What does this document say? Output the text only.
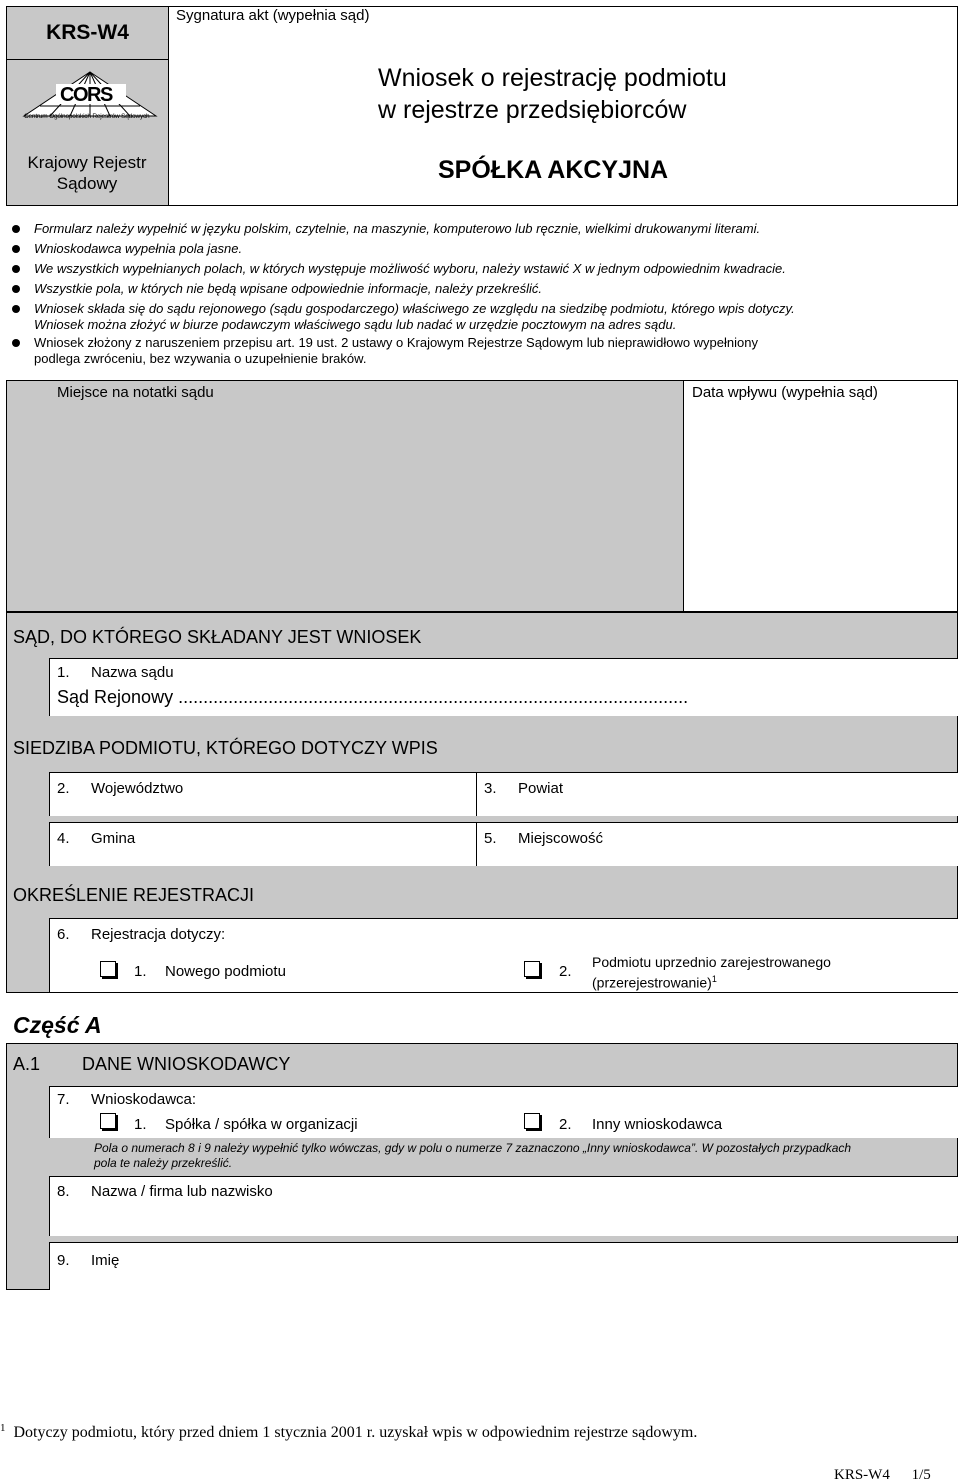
KRS-W4
CORS
Centrum Ogólnopolskich Rejestrów Sądowych
Krajowy Rejestr
Sądowy
Sygnatura akt (wypełnia sąd)
Wniosek o rejestrację podmiotu
w rejestrze przedsiębiorców
SPÓŁKA AKCYJNA
Formularz należy wypełnić w języku polskim, czytelnie, na maszynie, komputerowo lub ręcznie, wielkimi drukowanymi literami.
Wnioskodawca wypełnia pola jasne.
We wszystkich wypełnianych polach, w których występuje możliwość wyboru, należy wstawić X w jednym odpowiednim kwadracie.
Wszystkie pola, w których nie będą wpisane odpowiednie informacje, należy przekreślić.
Wniosek składa się do sądu rejonowego (sądu gospodarczego) właściwego ze względu na siedzibę podmiotu, którego wpis dotyczy.
Wniosek można złożyć w biurze podawczym właściwego sądu lub nadać w urzędzie pocztowym na adres sądu.
Wniosek złożony z naruszeniem przepisu art. 19 ust. 2 ustawy o Krajowym Rejestrze Sądowym lub nieprawidłowo wypełniony
podlega zwróceniu, bez wzywania o uzupełnienie braków.
Miejsce na notatki sądu	Data wpływu (wypełnia sąd)
SĄD, DO KTÓREGO SKŁADANY JEST WNIOSEK
1. Nazwa sądu
Sąd Rejonowy ......................................................................................................
SIEDZIBA PODMIOTU, KTÓREGO DOTYCZY WPIS
2. Województwo	3. Powiat
4. Gmina	5. Miejscowość
OKREŚLENIE REJESTRACJI
6. Rejestracja dotyczy:
1. Nowego podmiotu	2.
Podmiotu uprzednio zarejestrowanego
(przerejestrowanie)$^1$
Część A
A.1 DANE WNIOSKODAWCY
7. Wnioskodawca:
1. Spółka / spółka w organizacji	2. Inny wnioskodawca
Pola o numerach 8 i 9 należy wypełnić tylko wówczas, gdy w polu o numerze 7 zaznaczono „Inny wnioskodawca”. W pozostałych przypadkach
pola te należy przekreślić.
8. Nazwa / firma lub nazwisko
9. Imię
$^1$ Dotyczy podmiotu, który przed dniem 1 stycznia 2001 r. uzyskał wpis w odpowiednim rejestrze sądowym.
KRS-W4 1/5
